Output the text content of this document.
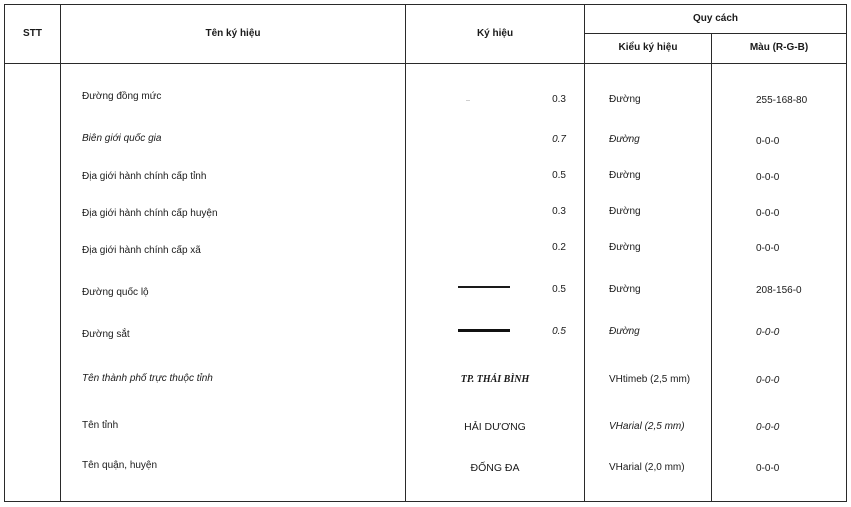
STT	Tên ký hiệu	Ký hiệu
Quy cách
Kiểu ký hiệu	Màu (R-G-B)
Đường đồng mức	0.3	Đường	255-168-80
Biên giới quốc gia	0.7	Đường	0-0-0
Địa giới hành chính cấp tỉnh	0.5	Đường	0-0-0
Địa giới hành chính cấp huyện	0.3	Đường	0-0-0
Địa giới hành chính cấp xã	0.2	Đường	0-0-0
Đường quốc lộ	0.5	Đường	208-156-0
Đường sắt	0.5	Đường	0-0-0
Tên thành phố trực thuộc tỉnh	TP. THÁI BÌNH	VHtimeb (2,5 mm)	0-0-0
Tên tỉnh	HẢI DƯƠNG	VHarial (2,5 mm)	0-0-0
Tên quận, huyện	ĐỐNG ĐA	VHarial (2,0 mm)	0-0-0
